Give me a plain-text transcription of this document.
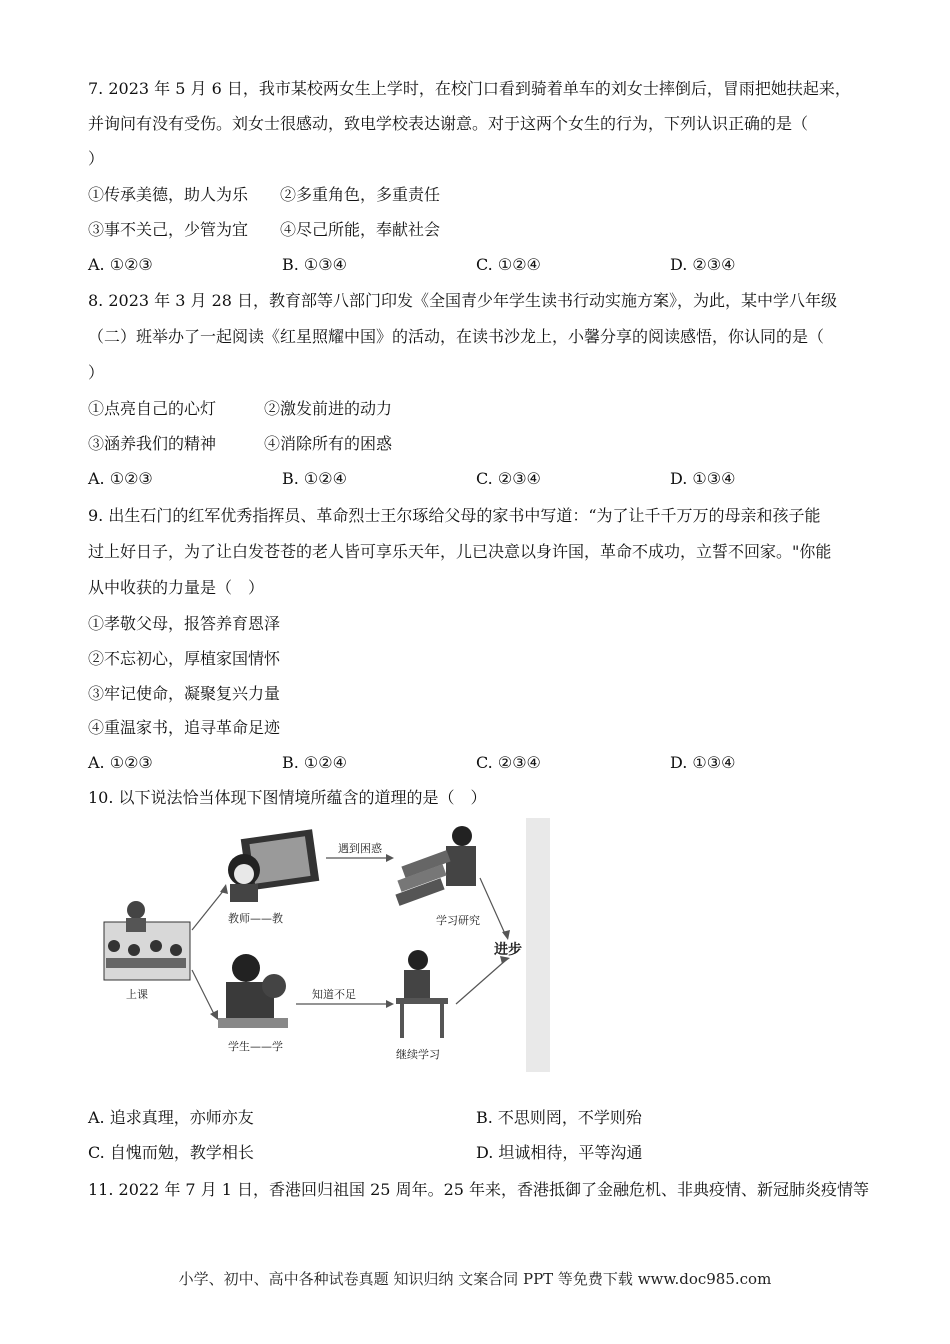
7. 2023 年 5 月 6 日，我市某校两女生上学时，在校门口看到骑着单车的刘女士摔倒后，冒雨把她扶起来，
并询问有没有受伤。刘女士很感动，致电学校表达谢意。对于这两个女生的行为，下列认识正确的是（
）
①传承美德，助人为乐　　②多重角色，多重责任
③事不关己，少管为宜　　④尽己所能，奉献社会
A. ①②③	B. ①③④	C. ①②④	D. ②③④
8. 2023 年 3 月 28 日，教育部等八部门印发《全国青少年学生读书行动实施方案》，为此，某中学八年级
（二）班举办了一起阅读《红星照耀中国》的活动，在读书沙龙上，小馨分享的阅读感悟，你认同的是（
）
①点亮自己的心灯　　　②激发前进的动力
③涵养我们的精神　　　④消除所有的困惑
A. ①②③	B. ①②④	C. ②③④	D. ①③④
9. 出生石门的红军优秀指挥员、革命烈士王尔琢给父母的家书中写道：“为了让千千万万的母亲和孩子能
过上好日子，为了让白发苍苍的老人皆可享乐天年，儿已决意以身许国，革命不成功，立誓不回家。"你能
从中收获的力量是（　）
①孝敬父母，报答养育恩泽
②不忘初心，厚植家国情怀
③牢记使命，凝聚复兴力量
④重温家书，追寻革命足迹
A. ①②③	B. ①②④	C. ②③④	D. ①③④
10. 以下说法恰当体现下图情境所蕴含的道理的是（　）
上课
教师——教
学生——学
学习研究
继续学习
遇到困惑
知道不足
进步
A. 追求真理，亦师亦友	B. 不思则罔，不学则殆
C. 自愧而勉，教学相长	D. 坦诚相待，平等沟通
11. 2022 年 7 月 1 日，香港回归祖国 25 周年。25 年来，香港抵御了金融危机、非典疫情、新冠肺炎疫情等
小学、初中、高中各种试卷真题 知识归纳 文案合同 PPT 等免费下载 www.doc985.com
